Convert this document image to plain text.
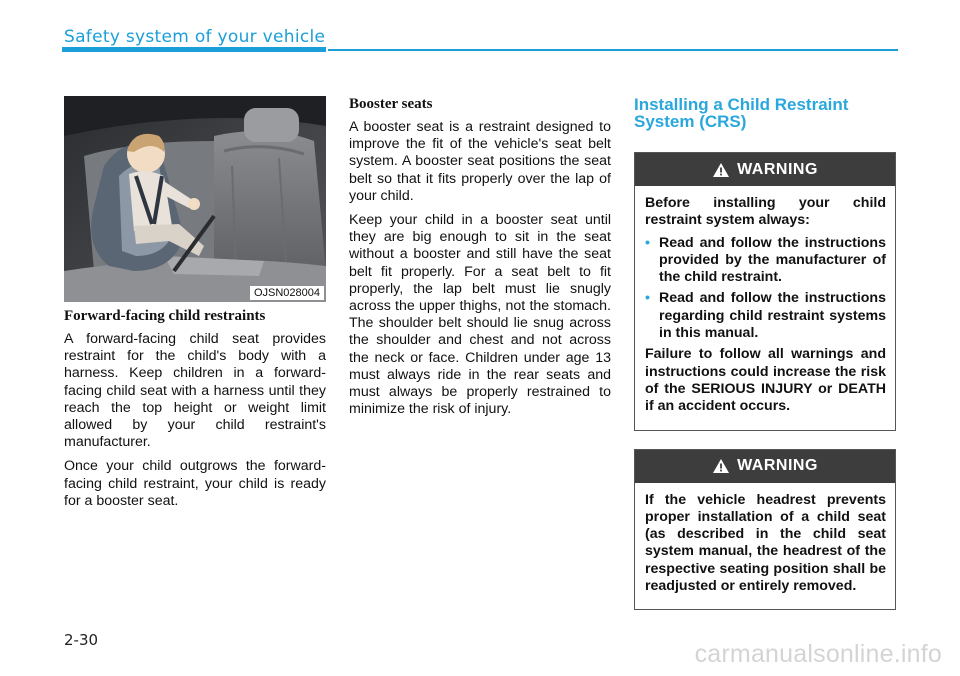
Safety system of your vehicle
OJSN028004
Forward-facing child restraints

A forward-facing child seat provides restraint for the child's body with a harness. Keep children in a forward-facing child seat with a harness until they reach the top height or weight limit allowed by your child restraint's manufacturer.

Once your child outgrows the forward-facing child restraint, your child is ready for a booster seat.

Booster seats

A booster seat is a restraint designed to improve the fit of the vehicle's seat belt system. A booster seat positions the seat belt so that it fits properly over the lap of your child.

Keep your child in a booster seat until they are big enough to sit in the seat without a booster and still have the seat belt fit properly. For a seat belt to fit properly, the lap belt must lie snugly across the upper thighs, not the stomach. The shoulder belt should lie snug across the shoulder and chest and not across the neck or face. Children under age 13 must always ride in the rear seats and must always be properly restrained to minimize the risk of injury.

Installing a Child Restraint System (CRS)
WARNING

Before installing your child restraint system always:

• Read and follow the instructions provided by the manufacturer of the child restraint.
• Read and follow the instructions regarding child restraint systems in this manual.

Failure to follow all warnings and instructions could increase the risk of the SERIOUS INJURY or DEATH if an accident occurs.

WARNING

If the vehicle headrest prevents proper installation of a child seat (as described in the child seat system manual, the headrest of the respective seating position shall be readjusted or entirely removed.

2-30	carmanualsonline.info
